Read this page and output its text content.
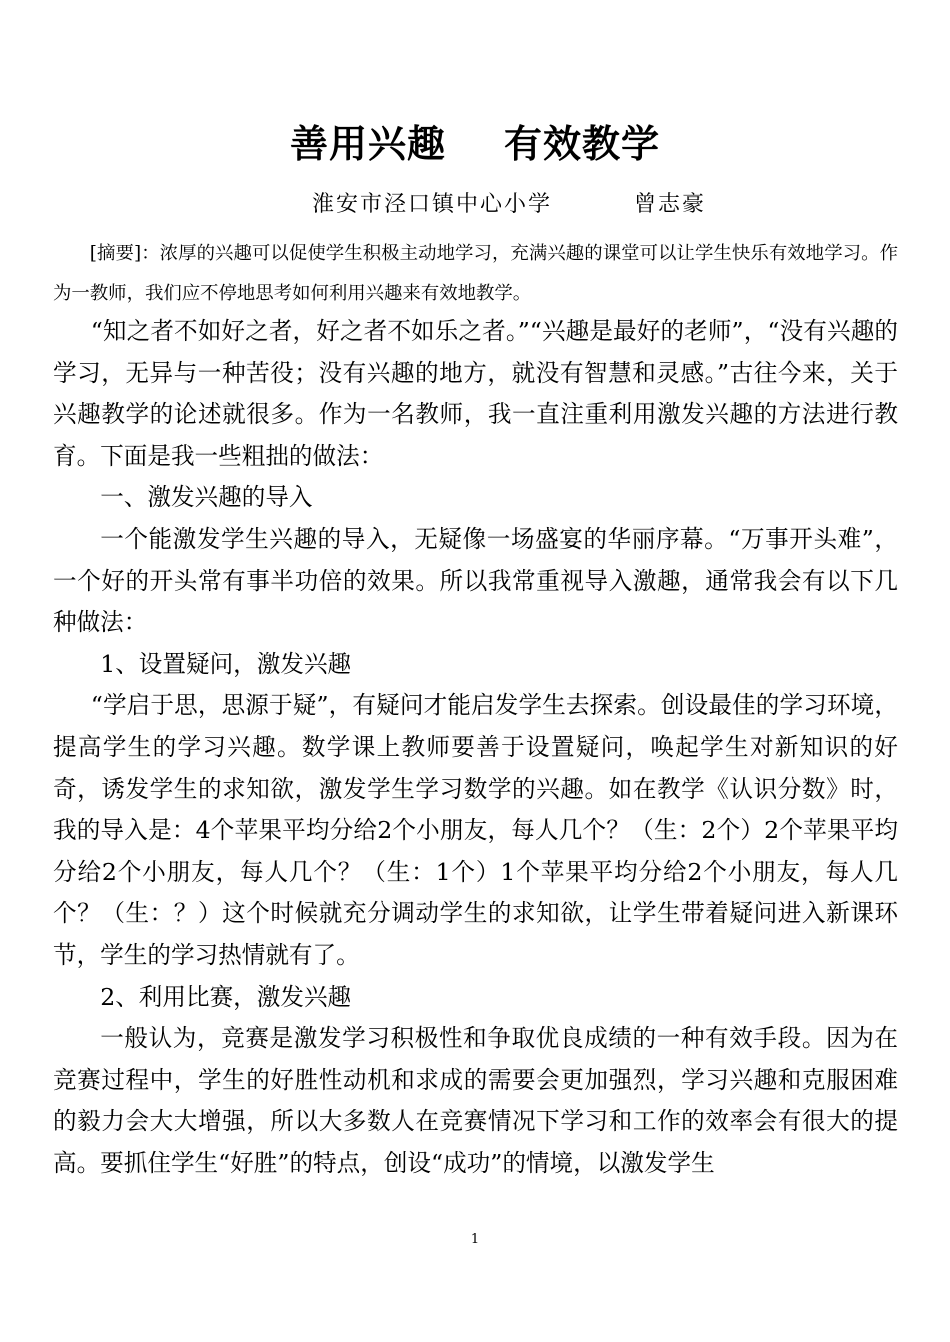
善用兴趣 有效教学
淮安市泾口镇中心小学	曾志豪

[摘要]：浓厚的兴趣可以促使学生积极主动地学习，充满兴趣的课堂可以让学生快乐有效地学习。作为一教师，我们应不停地思考如何利用兴趣来有效地教学。

“知之者不如好之者，好之者不如乐之者。”“兴趣是最好的老师”，“没有兴趣的学习，无异与一种苦役；没有兴趣的地方，就没有智慧和灵感。”古往今来，关于兴趣教学的论述就很多。作为一名教师，我一直注重利用激发兴趣的方法进行教育。下面是我一些粗拙的做法：

一、激发兴趣的导入

一个能激发学生兴趣的导入，无疑像一场盛宴的华丽序幕。“万事开头难”，一个好的开头常有事半功倍的效果。所以我常重视导入激趣，通常我会有以下几种做法：

1、设置疑问，激发兴趣

“学启于思，思源于疑”，有疑问才能启发学生去探索。创设最佳的学习环境，提高学生的学习兴趣。数学课上教师要善于设置疑问，唤起学生对新知识的好奇，诱发学生的求知欲，激发学生学习数学的兴趣。如在教学《认识分数》时，我的导入是：4个苹果平均分给2个小朋友，每人几个？（生：2个）2个苹果平均分给2个小朋友，每人几个？（生：1个）1个苹果平均分给2个小朋友，每人几个？（生：？）这个时候就充分调动学生的求知欲，让学生带着疑问进入新课环节，学生的学习热情就有了。

2、利用比赛，激发兴趣

一般认为，竞赛是激发学习积极性和争取优良成绩的一种有效手段。因为在竞赛过程中，学生的好胜性动机和求成的需要会更加强烈，学习兴趣和克服困难的毅力会大大增强，所以大多数人在竞赛情况下学习和工作的效率会有很大的提高。要抓住学生“好胜”的特点，创设“成功”的情境，以激发学生

1
